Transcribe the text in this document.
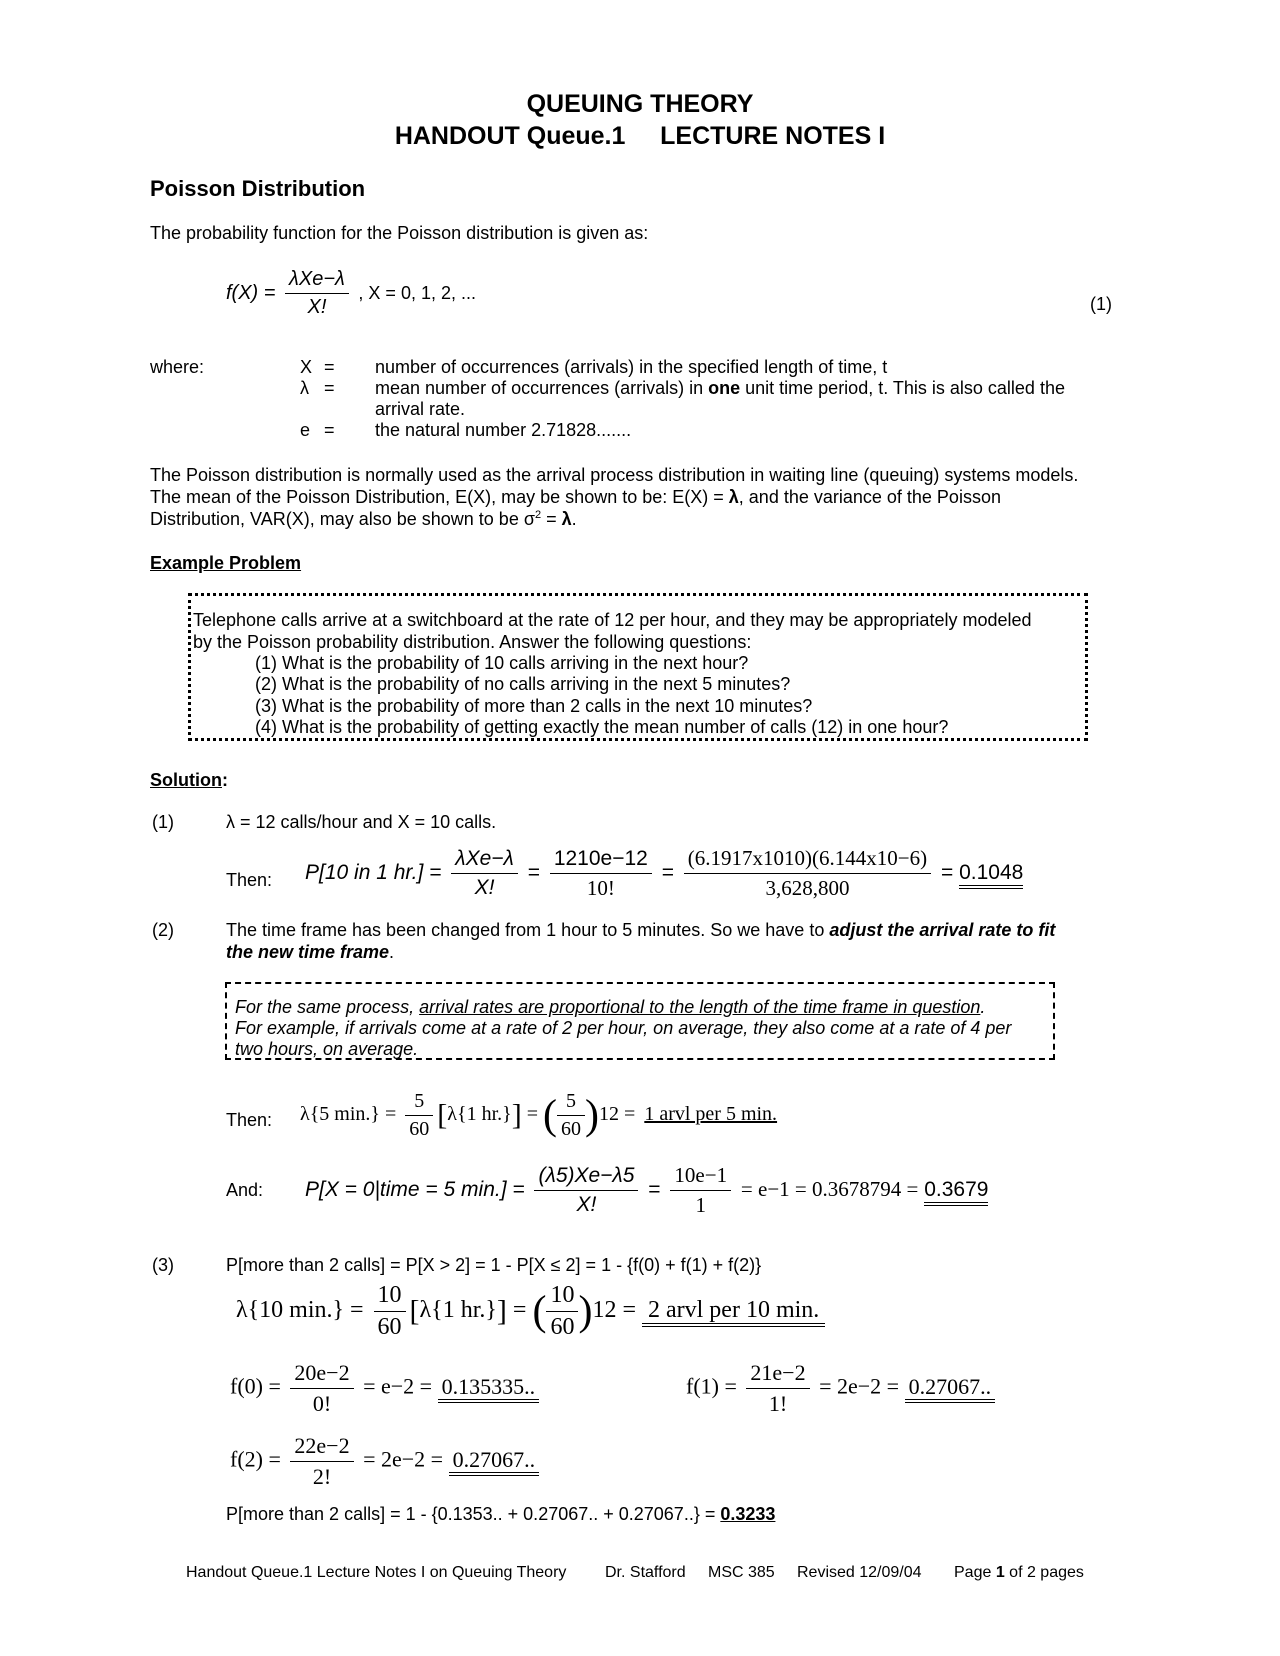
QUEUING THEORY
HANDOUT Queue.1     LECTURE NOTES I
Poisson Distribution
The probability function for the Poisson distribution is given as:
$f(X) = \frac{\text{λXe−λ}}{X!}$ , X = 0, 1, 2, ...
(1)
where:	X = number of occurrences (arrivals) in the specified length of time, t
λ = mean number of occurrences (arrivals) in one unit time period, t. This is also called the
arrival rate.
e = the natural number 2.71828.......
The Poisson distribution is normally used as the arrival process distribution in waiting line (queuing) systems models.
The mean of the Poisson Distribution, E(X), may be shown to be: E(X) = λ, and the variance of the Poisson
Distribution, VAR(X), may also be shown to be $\sigma^2 = \lambda$.
Example Problem
Telephone calls arrive at a switchboard at the rate of 12 per hour, and they may be appropriately modeled
by the Poisson probability distribution. Answer the following questions:
(1) What is the probability of 10 calls arriving in the next hour?
(2) What is the probability of no calls arriving in the next 5 minutes?
(3) What is the probability of more than 2 calls in the next 10 minutes?
(4) What is the probability of getting exactly the mean number of calls (12) in one hour?
Solution:
(1)	λ = 12 calls/hour and X = 10 calls.
Then: P[10 in 1 $hr.] = \frac{\text{λXe−λ}}{X!} = \frac{1210e-12}{10!} = \frac{(6.1917x1010)(6.144x10-6)}{3,628,800} = 0.1048$
(2)	The time frame has been changed from 1 hour to 5 minutes. So we have to adjust the arrival rate to fit
the new time frame.
For the same process, arrival rates are proportional to the length of the time frame in question.
For example, if arrivals come at a rate of 2 per hour, on average, they also come at a rate of 4 per
two hours, on average.
Then: λ{5 $\min.\} = \frac{5}{60} [\lambda\{1$ hr.}] = ( $\frac{5}{60} )12 = 1$ arvl per 5 min.
And: P[X = 0|time = 5 $\min.] = \frac{(\lambda 5)Xe-\lambda 5}{X!} = \frac{10e-1}{1} = e-1 = 0.3678794 = 0.3679$
(3)	P[more than 2 calls] = P[X > 2] = 1 - P[X ≤ 2] = 1 - {f(0) + f(1) + f(2)}
λ{10 $\min.\} = \frac{10}{60} [\lambda\{1$ hr.}] = ( $\frac{10}{60} )12 = 2$ arvl per 10 min.
$f(0) = \frac{20e-2}{0!} = e-2 = 0.135335$..	$f(1) = \frac{21e-2}{1!} = 2e-2 = 0.27067$..
$f(2) = \frac{22e-2}{2!} = 2e-2 = 0.27067$..
P[more than 2 calls] = 1 - {0.1353.. + 0.27067.. + 0.27067..} = 0.3233
Handout Queue.1 Lecture Notes I on Queuing Theory Dr. Stafford MSC 385 Revised 12/09/04 Page 1 of 2 pages
